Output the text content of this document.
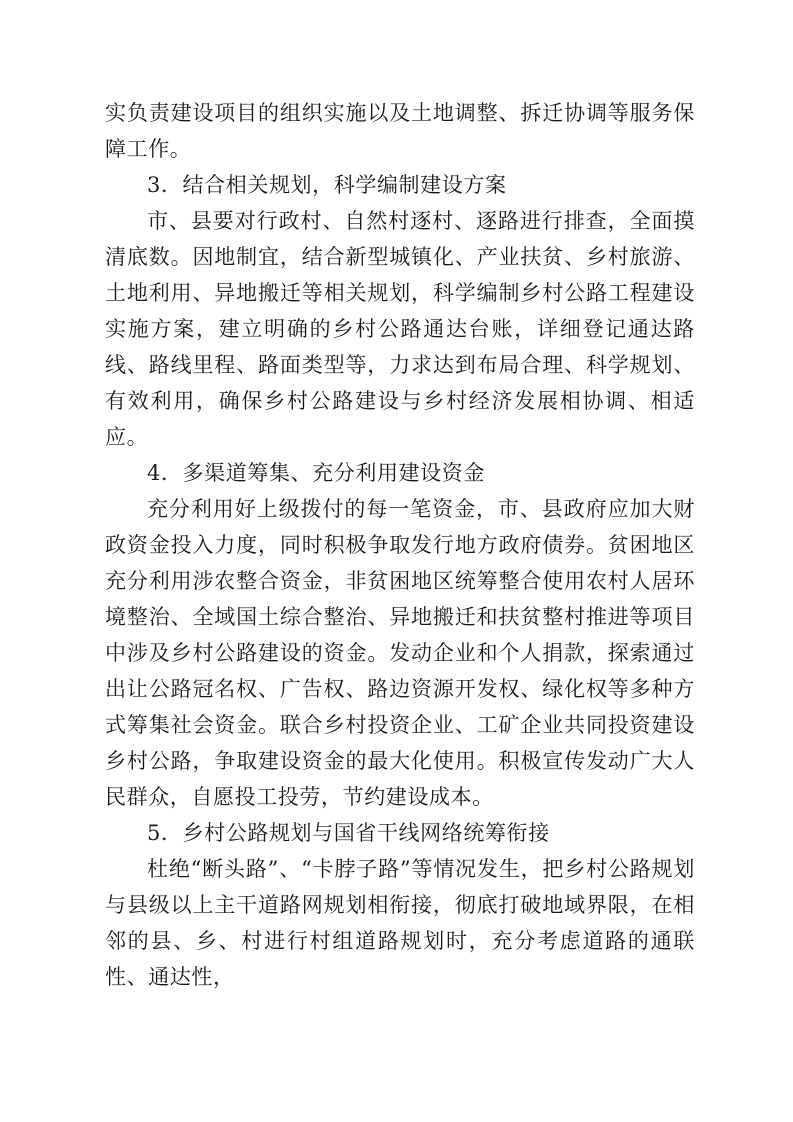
实负责建设项目的组织实施以及土地调整、拆迁协调等服务保障工作。

3．结合相关规划，科学编制建设方案

市、县要对行政村、自然村逐村、逐路进行排查，全面摸清底数。因地制宜，结合新型城镇化、产业扶贫、乡村旅游、土地利用、异地搬迁等相关规划，科学编制乡村公路工程建设实施方案，建立明确的乡村公路通达台账，详细登记通达路线、路线里程、路面类型等，力求达到布局合理、科学规划、有效利用，确保乡村公路建设与乡村经济发展相协调、相适应。

4．多渠道筹集、充分利用建设资金

充分利用好上级拨付的每一笔资金，市、县政府应加大财政资金投入力度，同时积极争取发行地方政府债券。贫困地区充分利用涉农整合资金，非贫困地区统筹整合使用农村人居环境整治、全域国土综合整治、异地搬迁和扶贫整村推进等项目中涉及乡村公路建设的资金。发动企业和个人捐款，探索通过出让公路冠名权、广告权、路边资源开发权、绿化权等多种方式筹集社会资金。联合乡村投资企业、工矿企业共同投资建设乡村公路，争取建设资金的最大化使用。积极宣传发动广大人民群众，自愿投工投劳，节约建设成本。

5．乡村公路规划与国省干线网络统筹衔接

杜绝“断头路”、“卡脖子路”等情况发生，把乡村公路规划与县级以上主干道路网规划相衔接，彻底打破地域界限，在相邻的县、乡、村进行村组道路规划时，充分考虑道路的通联性、通达性，
